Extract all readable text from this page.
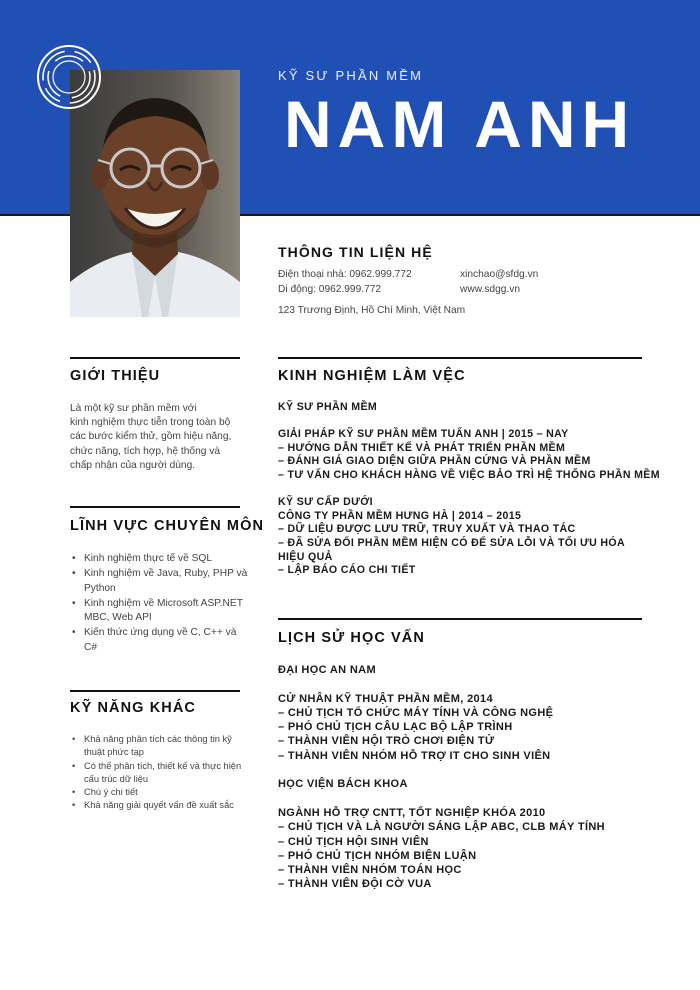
KỸ SƯ PHẦN MỀM
NAM ANH
THÔNG TIN LIỆN HỆ
Điện thoại nhà: 0962.999.772
Di động: 0962.999.772
xinchao@sfdg.vn
www.sdgg.vn
123 Trương Định, Hồ Chí Minh, Việt Nam
GIỚI THIỆU
Là một kỹ sư phần mềm với
kinh nghiệm thực tiễn trong toàn bộ
các bước kiểm thử, gồm hiệu năng,
chức năng, tích hợp, hệ thống và
chấp nhận của người dùng.
LĨNH VỰC CHUYÊN MÔN
• Kinh nghiệm thực tế về SQL
• Kinh nghiệm về Java, Ruby, PHP và Python
• Kinh nghiệm về Microsoft ASP.NET MBC, Web API
• Kiến thức ứng dụng về C, C++ và C#
KỸ NĂNG KHÁC
• Khả năng phân tích các thông tin kỹ thuật phức tạp
• Có thể phân tích, thiết kế và thực hiện cấu trúc dữ liệu
• Chú ý chi tiết
• Khả năng giải quyết vấn đề xuất sắc
KINH NGHIỆM LÀM VỆC
KỸ SƯ PHẦN MỀM
GIẢI PHÁP KỸ SƯ PHẦN MỀM TUẤN ANH | 2015 – NAY
– HƯỚNG DẪN THIẾT KẾ VÀ PHÁT TRIỂN PHẦN MỀM
– ĐÁNH GIÁ GIAO DIỆN GIỮA PHẦN CỨNG VÀ PHẦN MỀM
– TƯ VẤN CHO KHÁCH HÀNG VỀ VIỆC BẢO TRÌ HỆ THỐNG PHẦN MỀM
KỸ SƯ CẤP DƯỚI
CÔNG TY PHẦN MỀM HƯNG HÀ | 2014 – 2015
– DỮ LIỆU ĐƯỢC LƯU TRỮ, TRUY XUẤT VÀ THAO TÁC
– ĐÃ SỬA ĐỔI PHẦN MỀM HIỆN CÓ ĐỂ SỬA LỖI VÀ TỐI ƯU HÓA
HIỆU QUẢ
– LẬP BÁO CÁO CHI TIẾT
LỊCH SỬ HỌC VẤN
ĐẠI HỌC AN NAM
CỬ NHÂN KỸ THUẬT PHẦN MỀM, 2014
– CHỦ TỊCH TỔ CHỨC MÁY TÍNH VÀ CÔNG NGHỆ
– PHÓ CHỦ TỊCH CÂU LẠC BỘ LẬP TRÌNH
– THÀNH VIÊN HỘI TRÒ CHƠI ĐIỆN TỬ
– THÀNH VIÊN NHÓM HỖ TRỢ IT CHO SINH VIÊN
HỌC VIỆN BÁCH KHOA
NGÀNH HỖ TRỢ CNTT, TỐT NGHIỆP KHÓA 2010
– CHỦ TỊCH VÀ LÀ NGƯỜI SÁNG LẬP ABC, CLB MÁY TÍNH
– CHỦ TỊCH HỘI SINH VIÊN
– PHÓ CHỦ TỊCH NHÓM BIỆN LUẬN
– THÀNH VIÊN NHÓM TOÁN HỌC
– THÀNH VIÊN ĐỘI CỜ VUA
